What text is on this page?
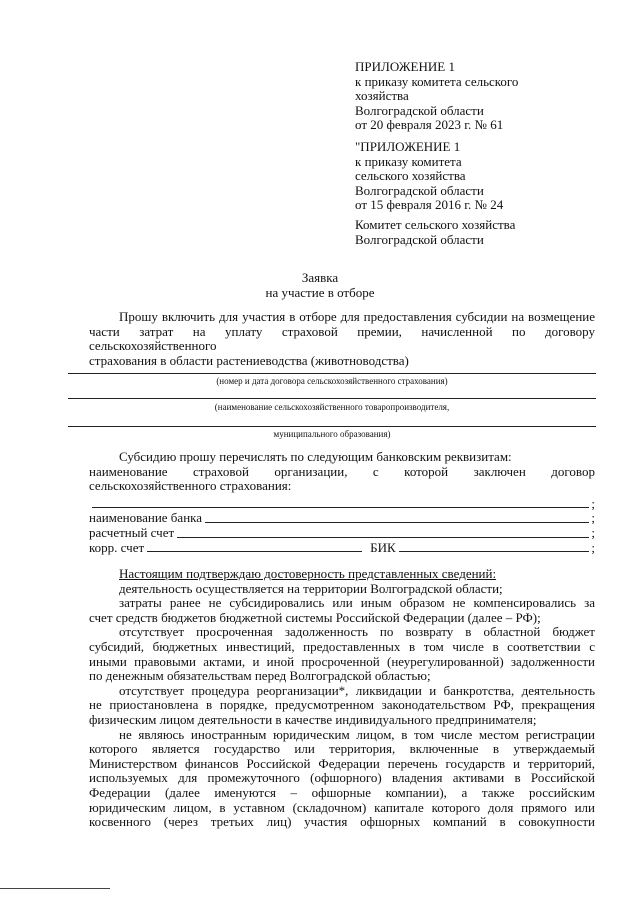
ПРИЛОЖЕНИЕ 1
к приказу комитета сельского
хозяйства
Волгоградской области
от 20 февраля 2023 г. № 61
"ПРИЛОЖЕНИЕ 1
к приказу комитета
сельского хозяйства
Волгоградской области
от 15 февраля 2016 г. № 24
Комитет сельского хозяйства
Волгоградской области
Заявка
на участие в отборе

Прошу включить для участия в отборе для предоставления субсидии на возмещение

части затрат на уплату страховой премии, начисленной по договору сельскохозяйственного
страхования в области растениеводства (животноводства)
(номер и дата договора сельскохозяйственного страхования)
(наименование сельскохозяйственного товаропроизводителя,
муниципального образования)
Субсидию прошу перечислять по следующим банковским реквизитам:
наименование страховой организации, с которой заключен договор
сельскохозяйственного страхования:
;
наименование банка	;
расчетный счет	;
корр. счет	БИК	;

Настоящим подтверждаю достоверность представленных сведений:

деятельность осуществляется на территории Волгоградской области;

затраты ранее не субсидировались или иным образом не компенсировались за
счет средств бюджетов бюджетной системы Российской Федерации (далее – РФ);

отсутствует просроченная задолженность по возврату в областной бюджет
субсидий, бюджетных инвестиций, предоставленных в том числе в соответствии с
иными правовыми актами, и иной просроченной (неурегулированной) задолженности
по денежным обязательствам перед Волгоградской областью;

отсутствует процедура реорганизации*, ликвидации и банкротства, деятельность
не приостановлена в порядке, предусмотренном законодательством РФ, прекращения
физическим лицом деятельности в качестве индивидуального предпринимателя;

не являюсь иностранным юридическим лицом, в том числе местом регистрации
которого является государство или территория, включенные в утверждаемый
Министерством финансов Российской Федерации перечень государств и территорий,
используемых для промежуточного (офшорного) владения активами в Российской
Федерации (далее именуются – офшорные компании), а также российским
юридическим лицом, в уставном (складочном) капитале которого доля прямого или
косвенного (через третьих лиц) участия офшорных компаний в совокупности
